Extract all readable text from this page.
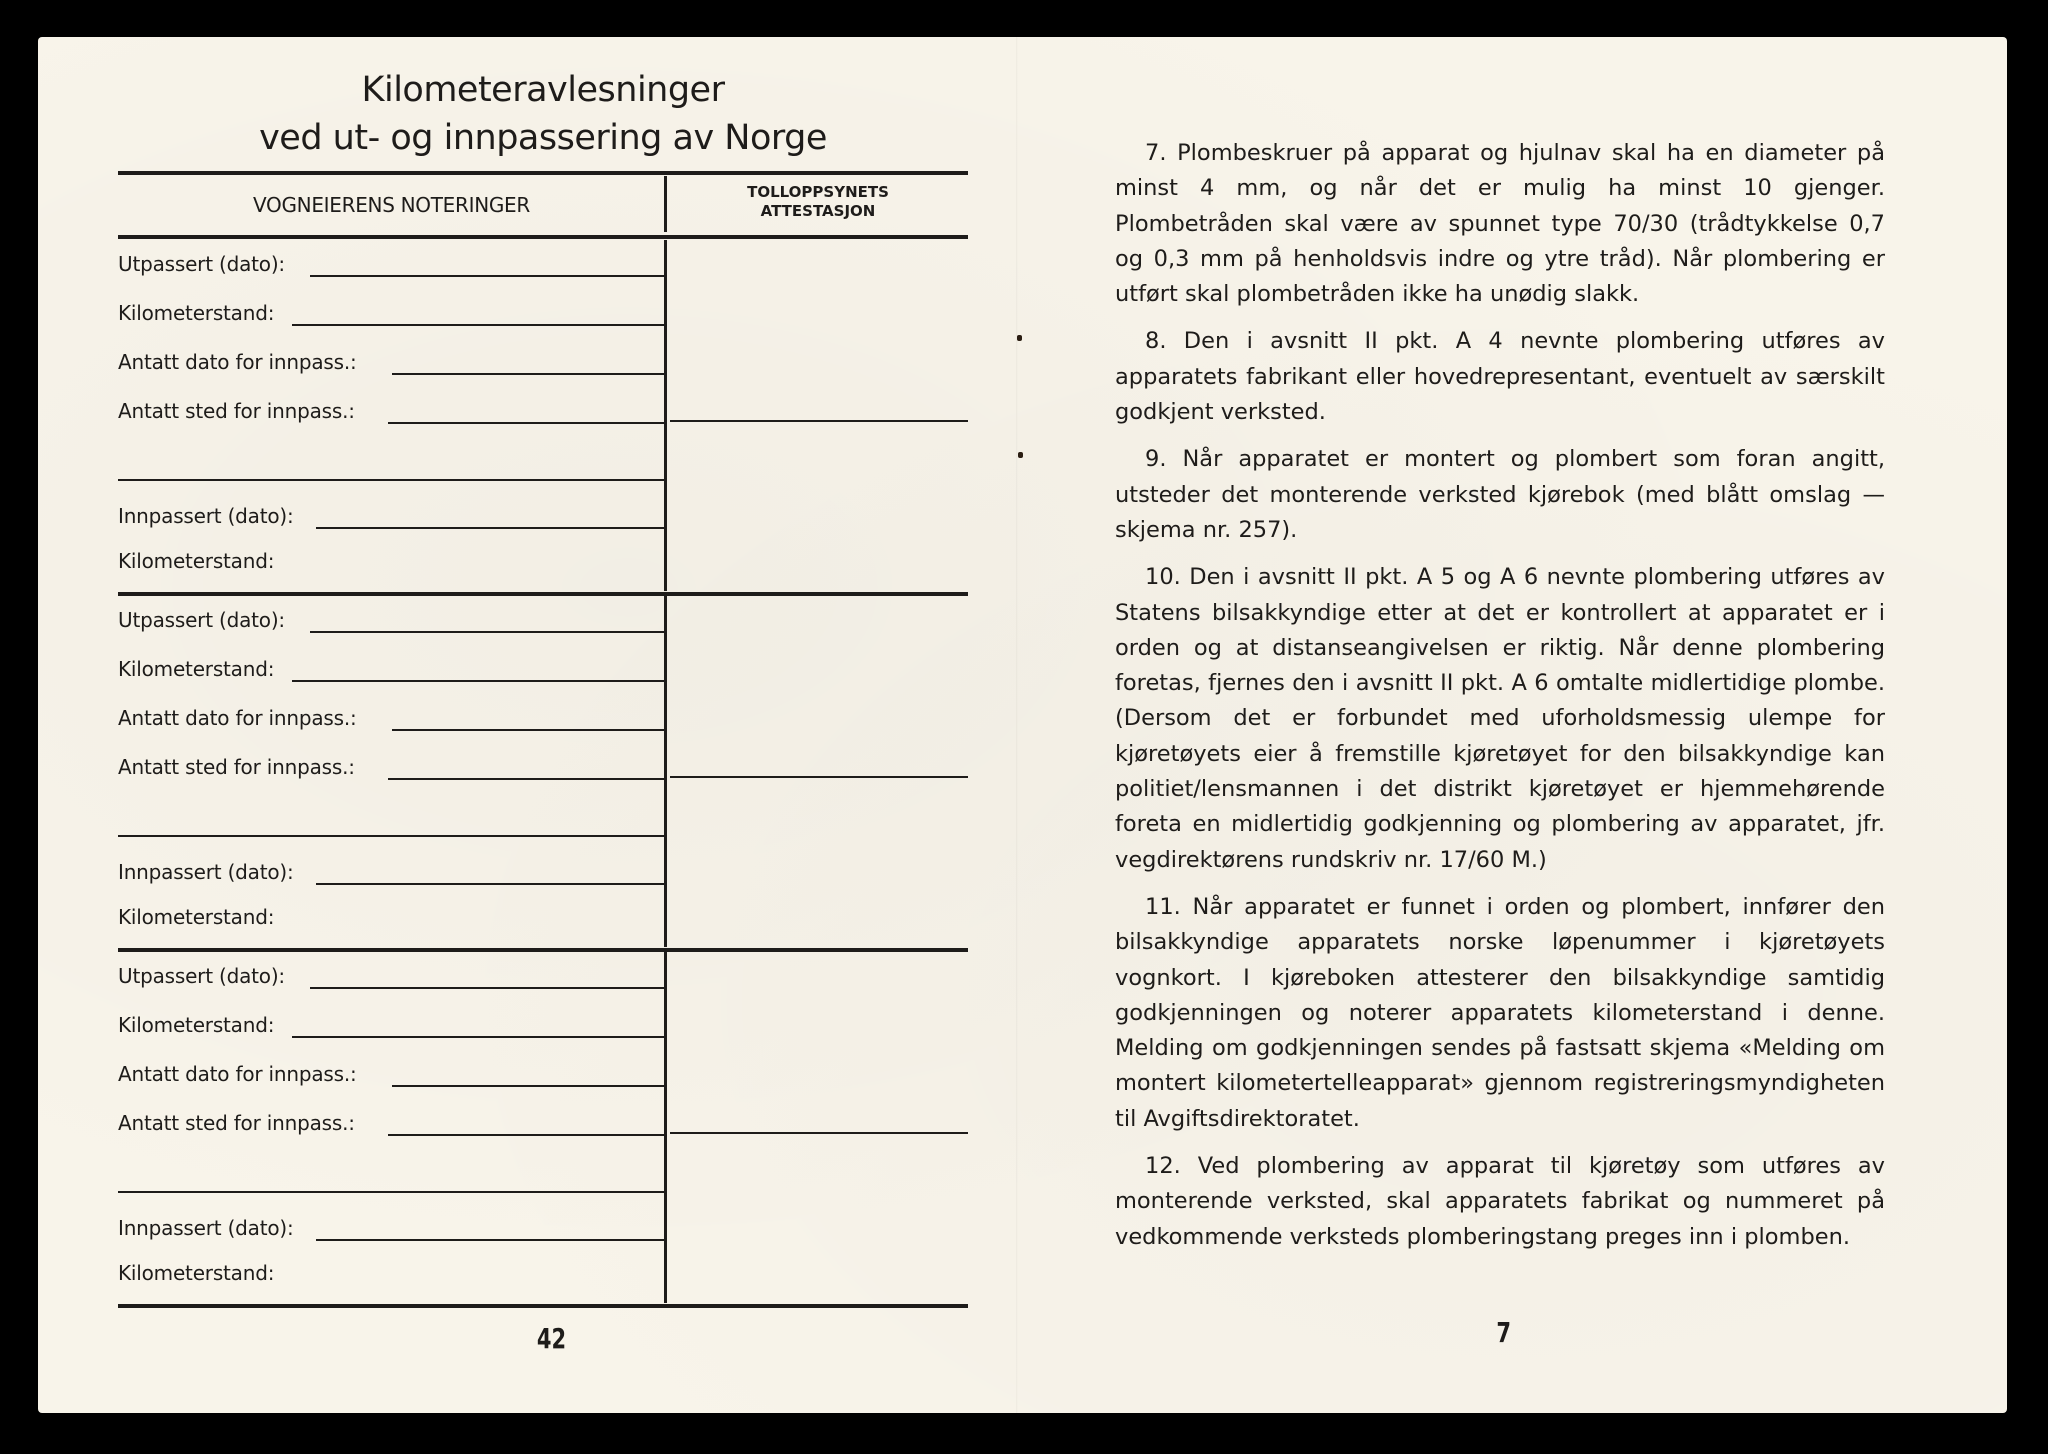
Kilometeravlesninger
ved ut- og innpassering av Norge
VOGNEIERENS NOTERINGER
TOLLOPPSYNETS
ATTESTASJON
Utpassert (dato):
Kilometerstand:
Antatt dato for innpass.:
Antatt sted for innpass.:
Innpassert (dato):
Kilometerstand:
Utpassert (dato):
Kilometerstand:
Antatt dato for innpass.:
Antatt sted for innpass.:
Innpassert (dato):
Kilometerstand:
Utpassert (dato):
Kilometerstand:
Antatt dato for innpass.:
Antatt sted for innpass.:
Innpassert (dato):
Kilometerstand:
42

7. Plombeskruer på apparat og hjulnav skal ha en diameter på minst 4 mm, og når det er mulig ha minst 10 gjenger. Plombetråden skal være av spunnet type 70/30 (trådtykkelse 0,7 og 0,3 mm på henholdsvis indre og ytre tråd). Når plombering er utført skal plombetråden ikke ha unødig slakk.

8. Den i avsnitt II pkt. A 4 nevnte plombering utføres av apparatets fabrikant eller hovedrepresentant, eventuelt av særskilt godkjent verksted.

9. Når apparatet er montert og plombert som foran angitt, utsteder det monterende verksted kjørebok (med blått omslag — skjema nr. 257).

10. Den i avsnitt II pkt. A 5 og A 6 nevnte plombering utføres av Statens bilsakkyndige etter at det er kontrollert at apparatet er i orden og at distanseangivelsen er riktig. Når denne plombering foretas, fjernes den i avsnitt II pkt. A 6 omtalte midlertidige plombe. (Dersom det er forbundet med uforholdsmessig ulempe for kjøretøyets eier å fremstille kjøretøyet for den bilsakkyndige kan politiet/lensmannen i det distrikt kjøretøyet er hjemmehørende foreta en midlertidig godkjenning og plombering av apparatet, jfr. vegdirektørens rundskriv nr. 17/60 M.)

11. Når apparatet er funnet i orden og plombert, innfører den bilsakkyndige apparatets norske løpenummer i kjøretøyets vognkort. I kjøreboken attesterer den bilsakkyndige samtidig godkjenningen og noterer apparatets kilometerstand i denne. Melding om godkjenningen sendes på fastsatt skjema «Melding om montert kilometertelleapparat» gjennom registreringsmyndigheten til Avgiftsdirektoratet.

12. Ved plombering av apparat til kjøretøy som utføres av monterende verksted, skal apparatets fabrikat og nummeret på vedkommende verksteds plomberingstang preges inn i plomben.

7
